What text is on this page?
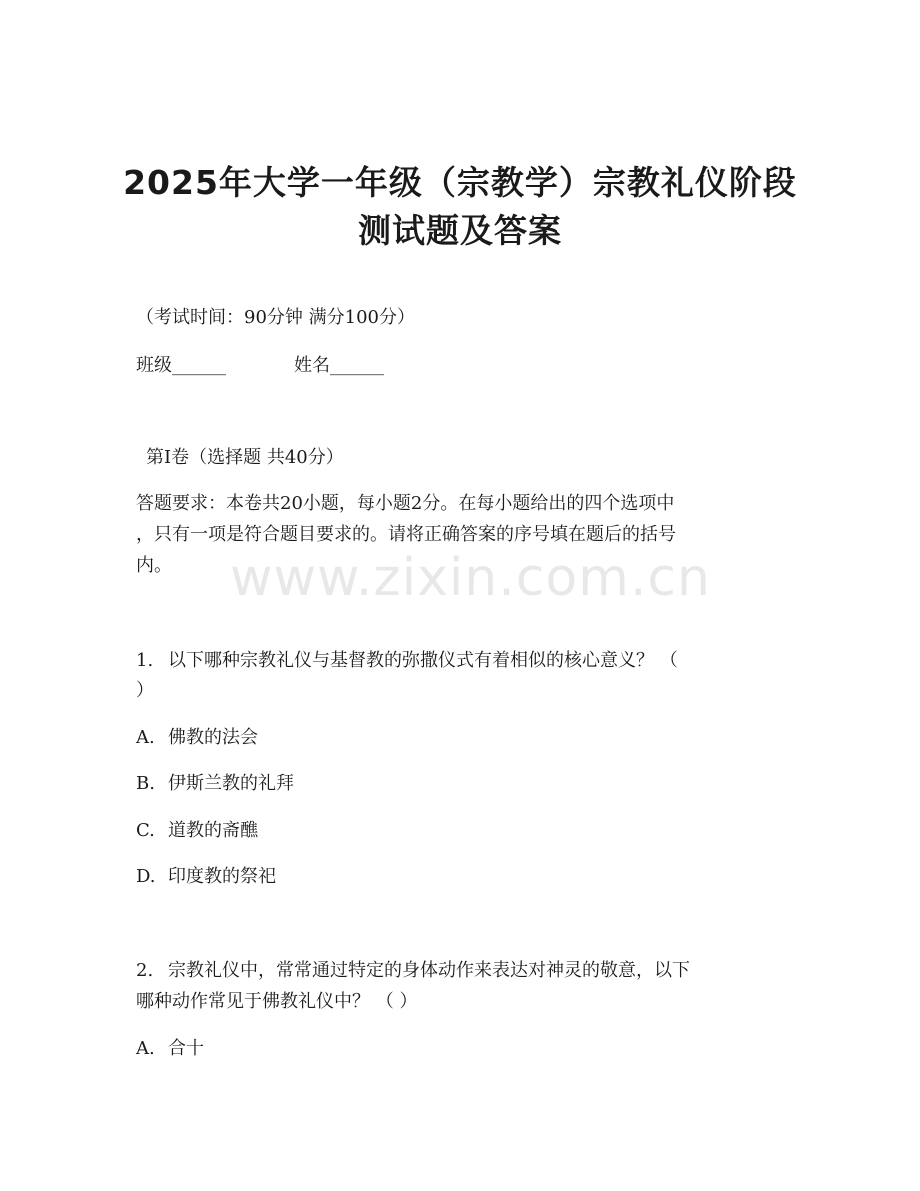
2025年大学一年级（宗教学）宗教礼仪阶段
测试题及答案
（考试时间：90分钟 满分100分）
班级______	姓名______
第I卷（选择题 共40分）
答题要求：本卷共20小题，每小题2分。在每小题给出的四个选项中
，只有一项是符合题目要求的。请将正确答案的序号填在题后的括号
内。	www.zixin.com.cn
1. 以下哪种宗教礼仪与基督教的弥撒仪式有着相似的核心意义？ （
）
A. 佛教的法会
B. 伊斯兰教的礼拜
C. 道教的斋醮
D. 印度教的祭祀
2. 宗教礼仪中，常常通过特定的身体动作来表达对神灵的敬意，以下
哪种动作常见于佛教礼仪中？ （ ）
A. 合十
